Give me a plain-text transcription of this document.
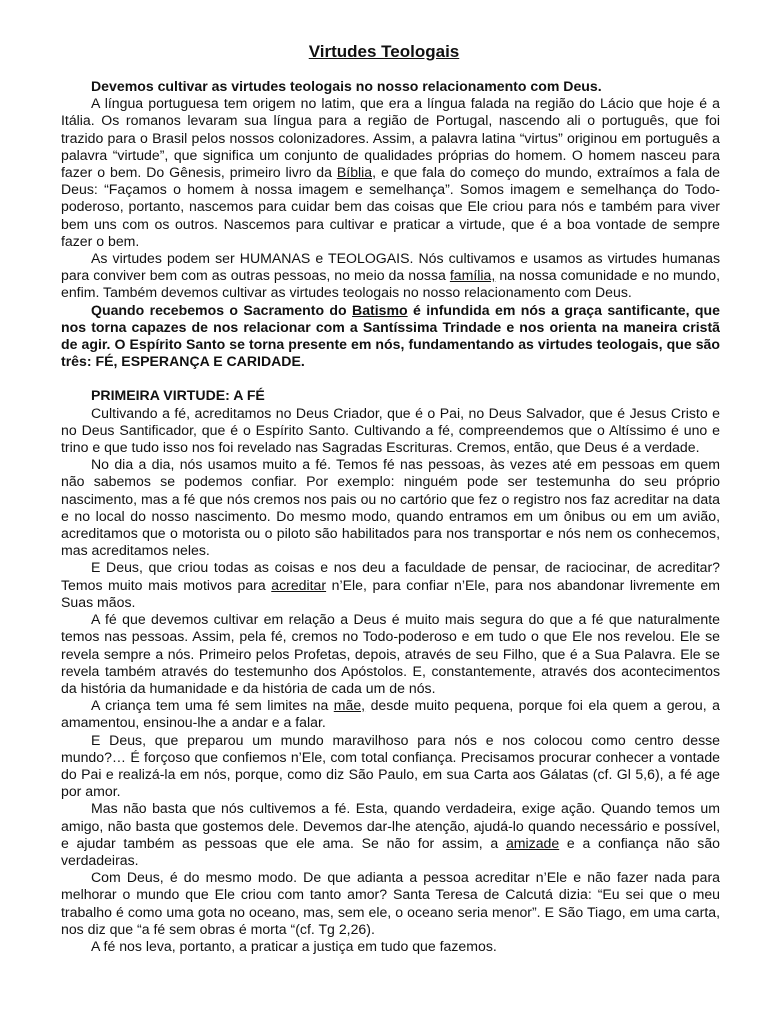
Virtudes Teologais

Devemos cultivar as virtudes teologais no nosso relacionamento com Deus.

A língua portuguesa tem origem no latim, que era a língua falada na região do Lácio que hoje é a Itália. Os romanos levaram sua língua para a região de Portugal, nascendo ali o português, que foi trazido para o Brasil pelos nossos colonizadores. Assim, a palavra latina “virtus” originou em português a palavra “virtude”, que significa um conjunto de qualidades próprias do homem. O homem nasceu para fazer o bem. Do Gênesis, primeiro livro da Bíblia, e que fala do começo do mundo, extraímos a fala de Deus: “Façamos o homem à nossa imagem e semelhança”. Somos imagem e semelhança do Todo-poderoso, portanto, nascemos para cuidar bem das coisas que Ele criou para nós e também para viver bem uns com os outros. Nascemos para cultivar e praticar a virtude, que é a boa vontade de sempre fazer o bem.

As virtudes podem ser HUMANAS e TEOLOGAIS. Nós cultivamos e usamos as virtudes humanas para conviver bem com as outras pessoas, no meio da nossa família, na nossa comunidade e no mundo, enfim. Também devemos cultivar as virtudes teologais no nosso relacionamento com Deus.

Quando recebemos o Sacramento do Batismo é infundida em nós a graça santificante, que nos torna capazes de nos relacionar com a Santíssima Trindade e nos orienta na maneira cristã de agir. O Espírito Santo se torna presente em nós, fundamentando as virtudes teologais, que são três: FÉ, ESPERANÇA E CARIDADE.

PRIMEIRA VIRTUDE: A FÉ

Cultivando a fé, acreditamos no Deus Criador, que é o Pai, no Deus Salvador, que é Jesus Cristo e no Deus Santificador, que é o Espírito Santo. Cultivando a fé, compreendemos que o Altíssimo é uno e trino e que tudo isso nos foi revelado nas Sagradas Escrituras. Cremos, então, que Deus é a verdade.

No dia a dia, nós usamos muito a fé. Temos fé nas pessoas, às vezes até em pessoas em quem não sabemos se podemos confiar. Por exemplo: ninguém pode ser testemunha do seu próprio nascimento, mas a fé que nós cremos nos pais ou no cartório que fez o registro nos faz acreditar na data e no local do nosso nascimento. Do mesmo modo, quando entramos em um ônibus ou em um avião, acreditamos que o motorista ou o piloto são habilitados para nos transportar e nós nem os conhecemos, mas acreditamos neles.

E Deus, que criou todas as coisas e nos deu a faculdade de pensar, de raciocinar, de acreditar? Temos muito mais motivos para acreditar n’Ele, para confiar n’Ele, para nos abandonar livremente em Suas mãos.

A fé que devemos cultivar em relação a Deus é muito mais segura do que a fé que naturalmente temos nas pessoas. Assim, pela fé, cremos no Todo-poderoso e em tudo o que Ele nos revelou. Ele se revela sempre a nós. Primeiro pelos Profetas, depois, através de seu Filho, que é a Sua Palavra. Ele se revela também através do testemunho dos Apóstolos. E, constantemente, através dos acontecimentos da história da humanidade e da história de cada um de nós.

A criança tem uma fé sem limites na mãe, desde muito pequena, porque foi ela quem a gerou, a amamentou, ensinou-lhe a andar e a falar.

E Deus, que preparou um mundo maravilhoso para nós e nos colocou como centro desse mundo?… É forçoso que confiemos n’Ele, com total confiança. Precisamos procurar conhecer a vontade do Pai e realizá-la em nós, porque, como diz São Paulo, em sua Carta aos Gálatas (cf. Gl 5,6), a fé age por amor.

Mas não basta que nós cultivemos a fé. Esta, quando verdadeira, exige ação. Quando temos um amigo, não basta que gostemos dele. Devemos dar-lhe atenção, ajudá-lo quando necessário e possível, e ajudar também as pessoas que ele ama. Se não for assim, a amizade e a confiança não são verdadeiras.

Com Deus, é do mesmo modo. De que adianta a pessoa acreditar n’Ele e não fazer nada para melhorar o mundo que Ele criou com tanto amor? Santa Teresa de Calcutá dizia: “Eu sei que o meu trabalho é como uma gota no oceano, mas, sem ele, o oceano seria menor”. E São Tiago, em uma carta, nos diz que “a fé sem obras é morta “(cf. Tg 2,26).

A fé nos leva, portanto, a praticar a justiça em tudo que fazemos.
